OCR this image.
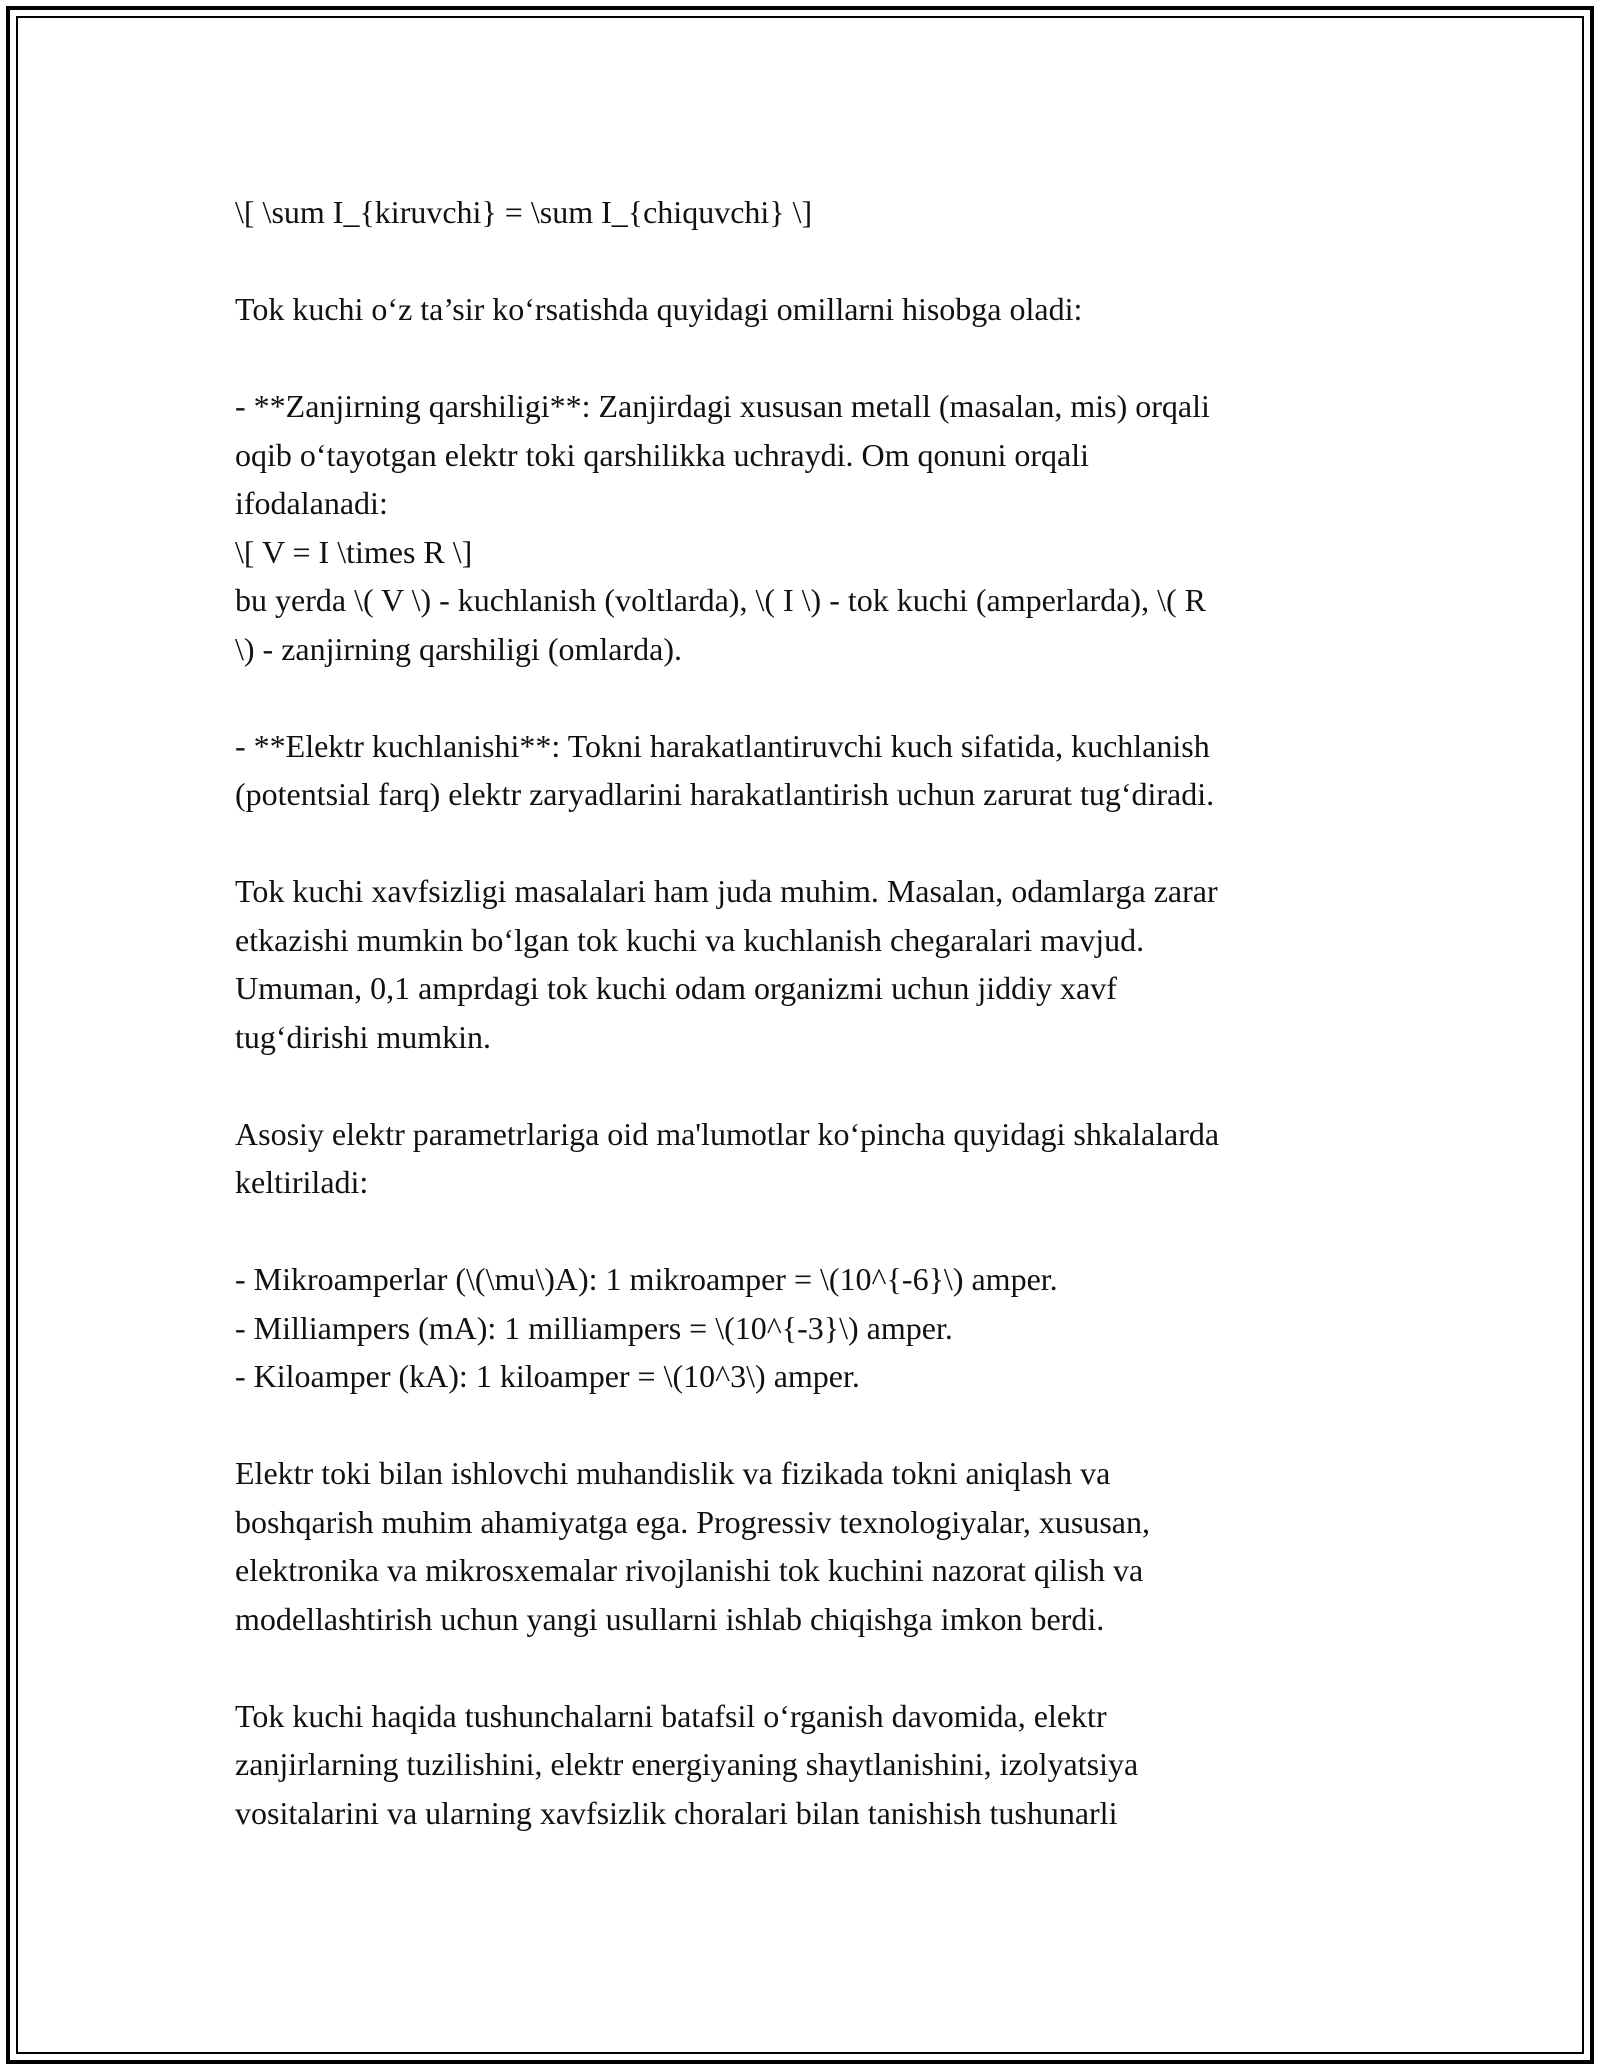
\[ \sum I_{kiruvchi} = \sum I_{chiquvchi} \]

Tok kuchi o‘z ta’sir ko‘rsatishda quyidagi omillarni hisobga oladi:

- **Zanjirning qarshiligi**: Zanjirdagi xususan metall (masalan, mis) orqali
oqib o‘tayotgan elektr toki qarshilikka uchraydi. Om qonuni orqali
ifodalanadi:
\[ V = I \times R \]
bu yerda \( V \) - kuchlanish (voltlarda), \( I \) - tok kuchi (amperlarda), \( R
\) - zanjirning qarshiligi (omlarda).

- **Elektr kuchlanishi**: Tokni harakatlantiruvchi kuch sifatida, kuchlanish
(potentsial farq) elektr zaryadlarini harakatlantirish uchun zarurat tug‘diradi.

Tok kuchi xavfsizligi masalalari ham juda muhim. Masalan, odamlarga zarar
etkazishi mumkin bo‘lgan tok kuchi va kuchlanish chegaralari mavjud.
Umuman, 0,1 amprdagi tok kuchi odam organizmi uchun jiddiy xavf
tug‘dirishi mumkin.

Asosiy elektr parametrlariga oid ma'lumotlar ko‘pincha quyidagi shkalalarda
keltiriladi:

- Mikroamperlar (\(\mu\)A): 1 mikroamper = \(10^{-6}\) amper.
- Milliampers (mA): 1 milliampers = \(10^{-3}\) amper.
- Kiloamper (kA): 1 kiloamper = \(10^3\) amper.

Elektr toki bilan ishlovchi muhandislik va fizikada tokni aniqlash va
boshqarish muhim ahamiyatga ega. Progressiv texnologiyalar, xususan,
elektronika va mikrosxemalar rivojlanishi tok kuchini nazorat qilish va
modellashtirish uchun yangi usullarni ishlab chiqishga imkon berdi.

Tok kuchi haqida tushunchalarni batafsil o‘rganish davomida, elektr
zanjirlarning tuzilishini, elektr energiyaning shaytlanishini, izolyatsiya
vositalarini va ularning xavfsizlik choralari bilan tanishish tushunarli
